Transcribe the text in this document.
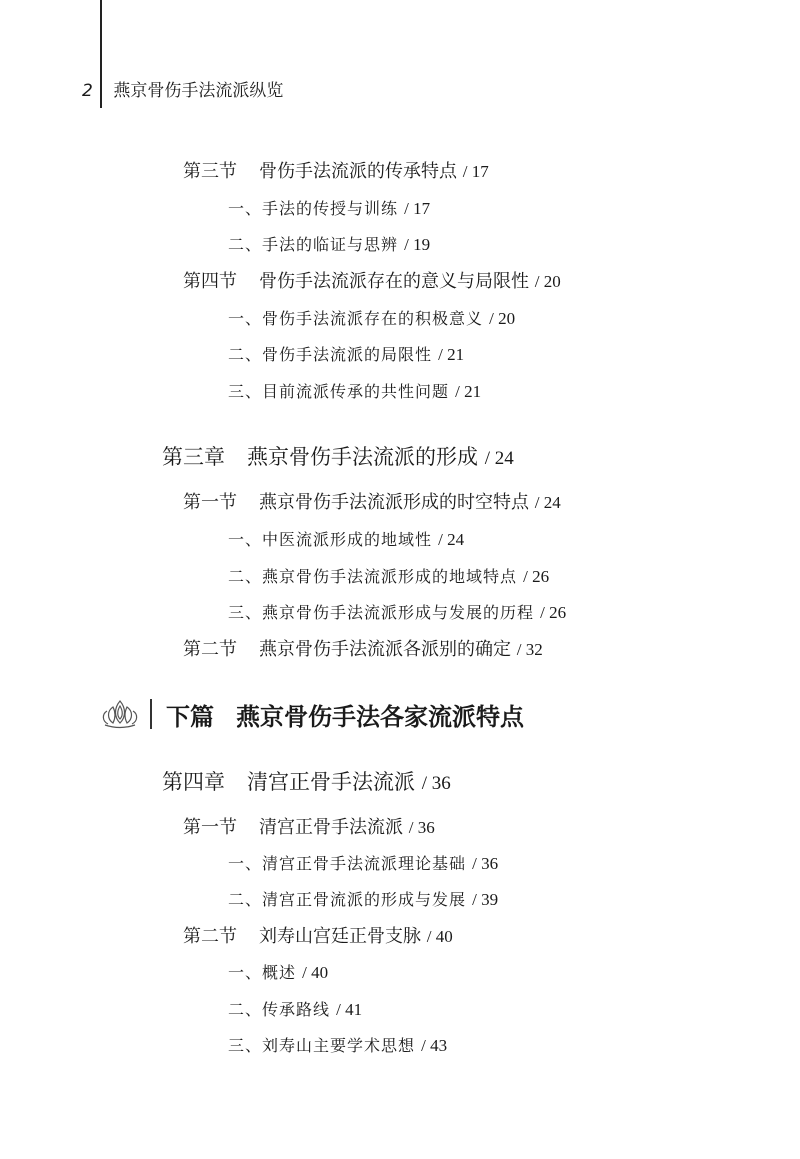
2 燕京骨伤手法流派纵览
第三节 骨伤手法流派的传承特点 / 17
一、手法的传授与训练 / 17
二、手法的临证与思辨 / 19
第四节 骨伤手法流派存在的意义与局限性 / 20
一、骨伤手法流派存在的积极意义 / 20
二、骨伤手法流派的局限性 / 21
三、目前流派传承的共性问题 / 21
第三章 燕京骨伤手法流派的形成 / 24
第一节 燕京骨伤手法流派形成的时空特点 / 24
一、中医流派形成的地域性 / 24
二、燕京骨伤手法流派形成的地域特点 / 26
三、燕京骨伤手法流派形成与发展的历程 / 26
第二节 燕京骨伤手法流派各派别的确定 / 32
下篇 燕京骨伤手法各家流派特点
第四章 清宫正骨手法流派 / 36
第一节 清宫正骨手法流派 / 36
一、清宫正骨手法流派理论基础 / 36
二、清宫正骨流派的形成与发展 / 39
第二节 刘寿山宫廷正骨支脉 / 40
一、概述 / 40
二、传承路线 / 41
三、刘寿山主要学术思想 / 43
